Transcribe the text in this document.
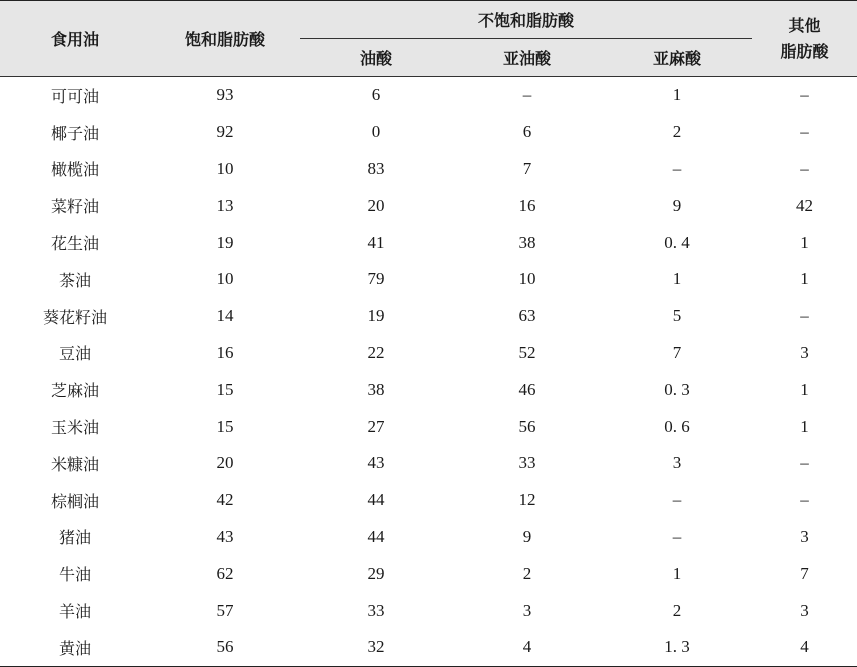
食用油	饱和脂肪酸	不饱和脂肪酸			其他
脂肪酸

		油酸	亚油酸	亚麻酸	
可可油	93	6	–	1	–
椰子油	92	0	6	2	–
橄榄油	10	83	7	–	–
菜籽油	13	20	16	9	42
花生油	19	41	38	0. 4	1
茶油	10	79	10	1	1
葵花籽油	14	19	63	5	–
豆油	16	22	52	7	3
芝麻油	15	38	46	0. 3	1
玉米油	15	27	56	0. 6	1
米糠油	20	43	33	3	–
棕榈油	42	44	12	–	–
猪油	43	44	9	–	3
牛油	62	29	2	1	7
羊油	57	33	3	2	3
黄油	56	32	4	1. 3	4
